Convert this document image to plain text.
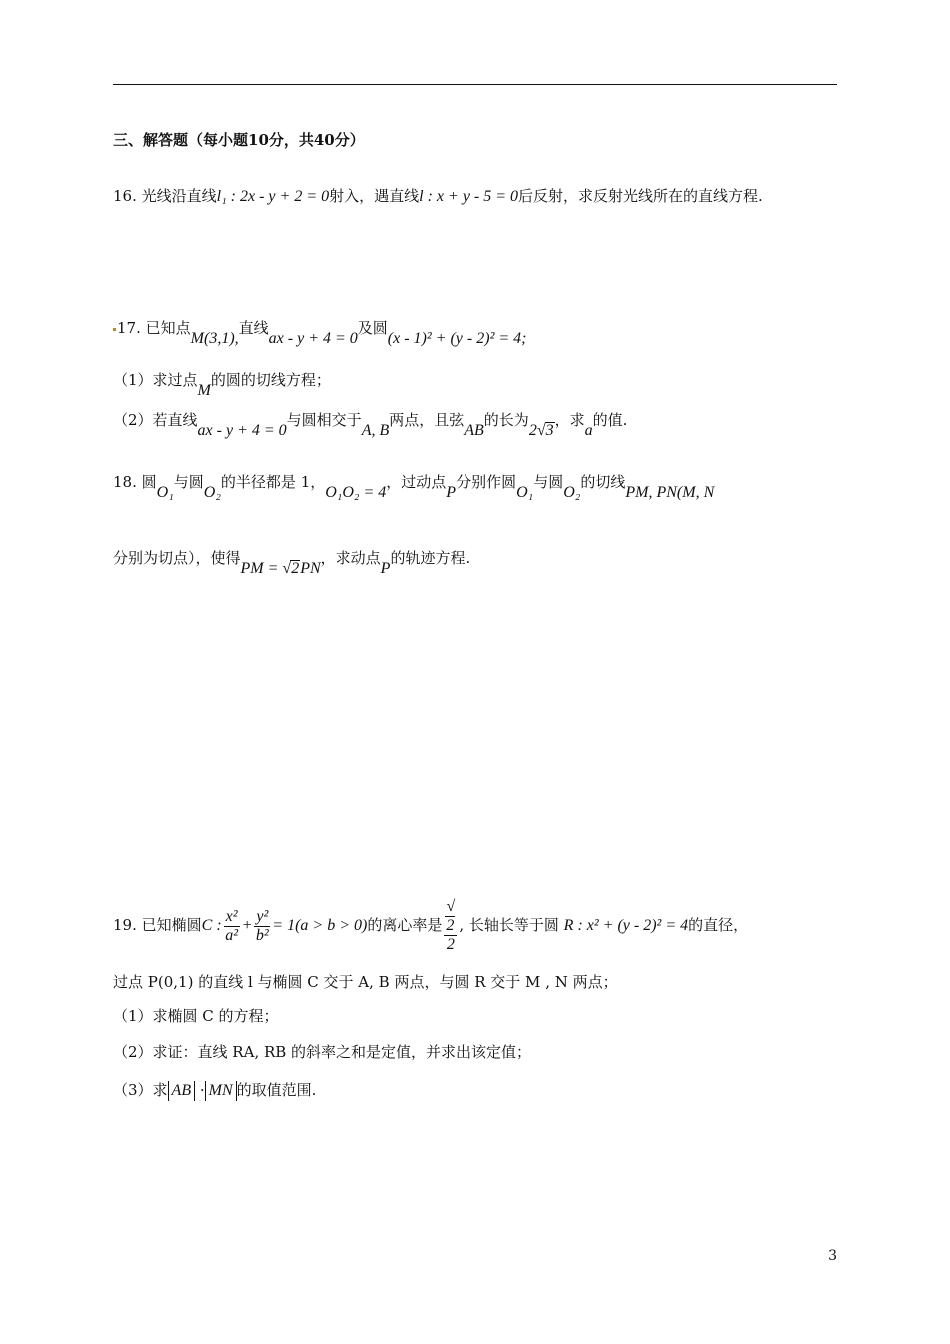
三、解答题（每小题10分，共40分）
16. 光线沿直线l₁ : 2x - y + 2 = 0射入，遇直线l : x + y - 5 = 0后反射，求反射光线所在的直线方程.
17. 已知点M(3,1),直线ax - y + 4 = 0及圆(x - 1)² + (y - 2)² = 4;
（1）求过点M的圆的切线方程；
（2）若直线ax - y + 4 = 0与圆相交于A, B两点，且弦AB的长为2√3，求a的值.
18. 圆O₁与圆O₂的半径都是 1，O₁O₂ = 4，过动点P分别作圆O₁与圆O₂的切线PM, PN(M, N
分别为切点），使得PM = √2PN，求动点P的轨迹方程.
19. 已知椭圆C : $\frac{\text{x²}}{\text{a²}} + \frac{\text{y²}}{\text{b²}} = 1(a > b > 0)$的离心率是 √
2
2 , 长轴长等于圆 R : x² + (y - 2)² = 4的直径，
过点 P(0,1) 的直线 l 与椭圆 C 交于 A, B 两点，与圆 R 交于 M , N 两点；
（1）求椭圆 C 的方程；
（2）求证：直线 RA, RB 的斜率之和是定值，并求出该定值；
（3）求 AB · MN 的取值范围.
3
